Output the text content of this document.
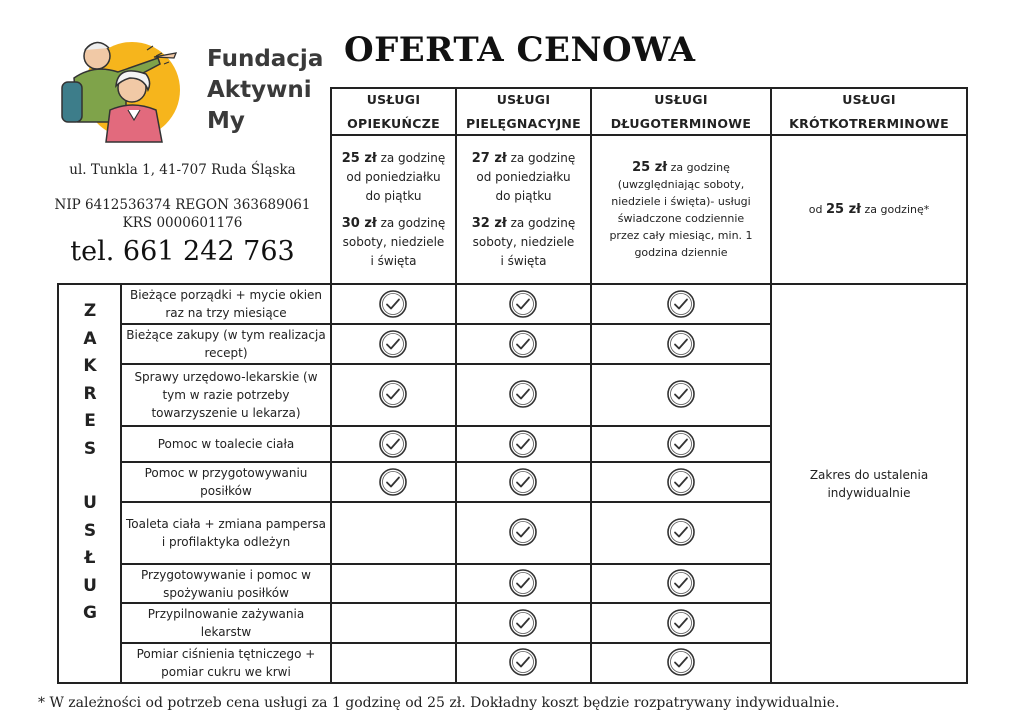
Fundacja
Aktywni
My
ul. Tunkla 1, 41-707 Ruda Śląska
NIP 6412536374 REGON 363689061
KRS 0000601176
tel. 661 242 763
OFERTA CENOWA
USŁUGI
OPIEKUŃCZE
USŁUGI
PIELĘGNACYJNE
USŁUGI
DŁUGOTERMINOWE
USŁUGI
KRÓTKOTRERMINOWE
25 zł za godzinę
od poniedziałku
do piątku
30 zł za godzinę
soboty, niedziele
i święta
27 zł za godzinę
od poniedziałku
do piątku
32 zł za godzinę
soboty, niedziele
i święta
25 zł za godzinę
(uwzględniając soboty,
niedziele i święta)- usługi
świadczone codziennie
przez cały miesiąc, min. 1
godzina dziennie
od 25 zł za godzinę*
Z
A
K
R
E
S
U
S
Ł
U
G
Bieżące porządki + mycie okien raz na trzy miesiące
Bieżące zakupy (w tym realizacja recept)
Sprawy urzędowo-lekarskie (w tym w razie potrzeby towarzyszenie u lekarza)
Pomoc w toalecie ciała
Pomoc w przygotowywaniu posiłków
Toaleta ciała + zmiana pampersa i profilaktyka odleżyn
Przygotowywanie i pomoc w spożywaniu posiłków
Przypilnowanie zażywania lekarstw
Pomiar ciśnienia tętniczego + pomiar cukru we krwi
Zakres do ustalenia indywidualnie
* W zależności od potrzeb cena usługi za 1 godzinę od 25 zł. Dokładny koszt będzie rozpatrywany indywidualnie.
